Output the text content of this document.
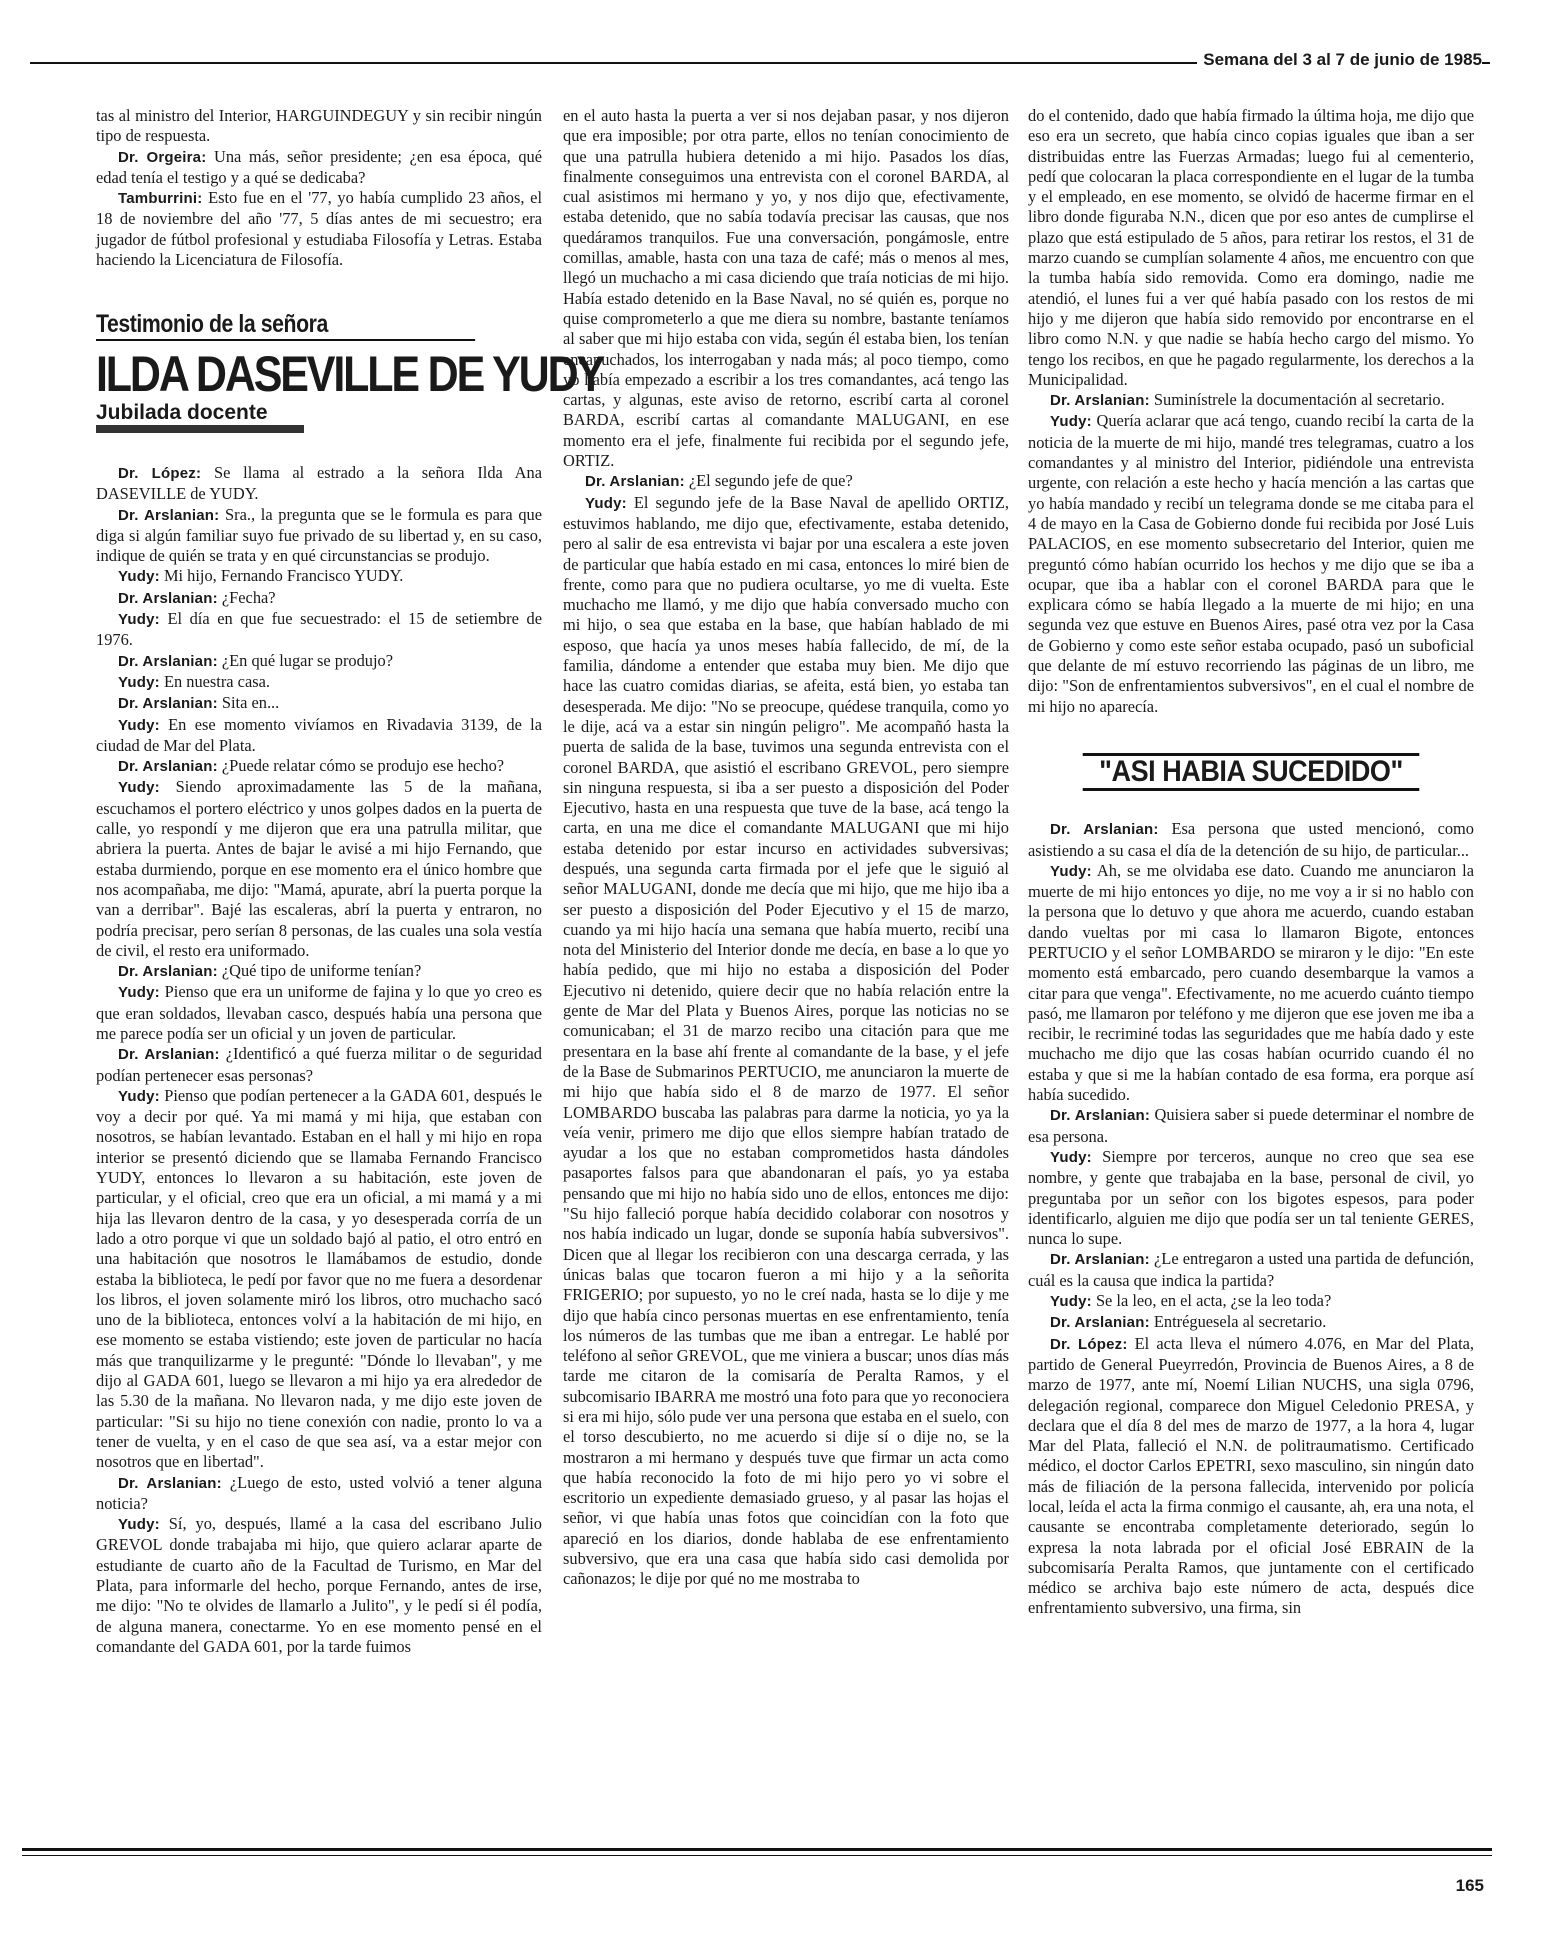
Semana del 3 al 7 de junio de 1985

tas al ministro del Interior, HARGUINDEGUY y sin recibir ningún tipo de respuesta.

Dr. Orgeira: Una más, señor presidente; ¿en esa época, qué edad tenía el testigo y a qué se dedicaba?

Tamburrini: Esto fue en el '77, yo había cumplido 23 años, el 18 de noviembre del año '77, 5 días antes de mi secuestro; era jugador de fútbol profesional y estudiaba Filosofía y Letras. Estaba haciendo la Licenciatura de Filosofía.

Testimonio de la señora
ILDA DASEVILLE DE YUDY
Jubilada docente

Dr. López: Se llama al estrado a la señora Ilda Ana DASEVILLE de YUDY.

Dr. Arslanian: Sra., la pregunta que se le formula es para que diga si algún familiar suyo fue privado de su libertad y, en su caso, indique de quién se trata y en qué circunstancias se produjo.

Yudy: Mi hijo, Fernando Francisco YUDY.

Dr. Arslanian: ¿Fecha?

Yudy: El día en que fue secuestrado: el 15 de setiembre de 1976.

Dr. Arslanian: ¿En qué lugar se produjo?

Yudy: En nuestra casa.

Dr. Arslanian: Sita en...

Yudy: En ese momento vivíamos en Rivadavia 3139, de la ciudad de Mar del Plata.

Dr. Arslanian: ¿Puede relatar cómo se produjo ese hecho?

Yudy: Siendo aproximadamente las 5 de la mañana, escuchamos el portero eléctrico y unos golpes dados en la puerta de calle, yo respondí y me dijeron que era una patrulla militar, que abriera la puerta. Antes de bajar le avisé a mi hijo Fernando, que estaba durmiendo, porque en ese momento era el único hombre que nos acompañaba, me dijo: "Mamá, apurate, abrí la puerta porque la van a derribar". Bajé las escaleras, abrí la puerta y entraron, no podría precisar, pero serían 8 personas, de las cuales una sola vestía de civil, el resto era uniformado.

Dr. Arslanian: ¿Qué tipo de uniforme tenían?

Yudy: Pienso que era un uniforme de fajina y lo que yo creo es que eran soldados, llevaban casco, después había una persona que me parece podía ser un oficial y un joven de particular.

Dr. Arslanian: ¿Identificó a qué fuerza militar o de seguridad podían pertenecer esas personas?

Yudy: Pienso que podían pertenecer a la GADA 601, después le voy a decir por qué. Ya mi mamá y mi hija, que estaban con nosotros, se habían levantado. Estaban en el hall y mi hijo en ropa interior se presentó diciendo que se llamaba Fernando Francisco YUDY, entonces lo llevaron a su habitación, este joven de particular, y el oficial, creo que era un oficial, a mi mamá y a mi hija las llevaron dentro de la casa, y yo desesperada corría de un lado a otro porque vi que un soldado bajó al patio, el otro entró en una habitación que nosotros le llamábamos de estudio, donde estaba la biblioteca, le pedí por favor que no me fuera a desordenar los libros, el joven solamente miró los libros, otro muchacho sacó uno de la biblioteca, entonces volví a la habitación de mi hijo, en ese momento se estaba vistiendo; este joven de particular no hacía más que tranquilizarme y le pregunté: "Dónde lo llevaban", y me dijo al GADA 601, luego se llevaron a mi hijo ya era alrededor de las 5.30 de la mañana. No llevaron nada, y me dijo este joven de particular: "Si su hijo no tiene conexión con nadie, pronto lo va a tener de vuelta, y en el caso de que sea así, va a estar mejor con nosotros que en libertad".

Dr. Arslanian: ¿Luego de esto, usted volvió a tener alguna noticia?

Yudy: Sí, yo, después, llamé a la casa del escribano Julio GREVOL donde trabajaba mi hijo, que quiero aclarar aparte de estudiante de cuarto año de la Facultad de Turismo, en Mar del Plata, para informarle del hecho, porque Fernando, antes de irse, me dijo: "No te olvides de llamarlo a Julito", y le pedí si él podía, de alguna manera, conectarme. Yo en ese momento pensé en el comandante del GADA 601, por la tarde fuimos

en el auto hasta la puerta a ver si nos dejaban pasar, y nos dijeron que era imposible; por otra parte, ellos no tenían conocimiento de que una patrulla hubiera detenido a mi hijo. Pasados los días, finalmente conseguimos una entrevista con el coronel BARDA, al cual asistimos mi hermano y yo, y nos dijo que, efectivamente, estaba detenido, que no sabía todavía precisar las causas, que nos quedáramos tranquilos. Fue una conversación, pongámosle, entre comillas, amable, hasta con una taza de café; más o menos al mes, llegó un muchacho a mi casa diciendo que traía noticias de mi hijo. Había estado detenido en la Base Naval, no sé quién es, porque no quise comprometerlo a que me diera su nombre, bastante teníamos al saber que mi hijo estaba con vida, según él estaba bien, los tenían encapuchados, los interrogaban y nada más; al poco tiempo, como yo había empezado a escribir a los tres comandantes, acá tengo las cartas, y algunas, este aviso de retorno, escribí carta al coronel BARDA, escribí cartas al comandante MALUGANI, en ese momento era el jefe, finalmente fui recibida por el segundo jefe, ORTIZ.

Dr. Arslanian: ¿El segundo jefe de que?

Yudy: El segundo jefe de la Base Naval de apellido ORTIZ, estuvimos hablando, me dijo que, efectivamente, estaba detenido, pero al salir de esa entrevista vi bajar por una escalera a este joven de particular que había estado en mi casa, entonces lo miré bien de frente, como para que no pudiera ocultarse, yo me di vuelta. Este muchacho me llamó, y me dijo que había conversado mucho con mi hijo, o sea que estaba en la base, que habían hablado de mi esposo, que hacía ya unos meses había fallecido, de mí, de la familia, dándome a entender que estaba muy bien. Me dijo que hace las cuatro comidas diarias, se afeita, está bien, yo estaba tan desesperada. Me dijo: "No se preocupe, quédese tranquila, como yo le dije, acá va a estar sin ningún peligro". Me acompañó hasta la puerta de salida de la base, tuvimos una segunda entrevista con el coronel BARDA, que asistió el escribano GREVOL, pero siempre sin ninguna respuesta, si iba a ser puesto a disposición del Poder Ejecutivo, hasta en una respuesta que tuve de la base, acá tengo la carta, en una me dice el comandante MALUGANI que mi hijo estaba detenido por estar incurso en actividades subversivas; después, una segunda carta firmada por el jefe que le siguió al señor MALUGANI, donde me decía que mi hijo, que me hijo iba a ser puesto a disposición del Poder Ejecutivo y el 15 de marzo, cuando ya mi hijo hacía una semana que había muerto, recibí una nota del Ministerio del Interior donde me decía, en base a lo que yo había pedido, que mi hijo no estaba a disposición del Poder Ejecutivo ni detenido, quiere decir que no había relación entre la gente de Mar del Plata y Buenos Aires, porque las noticias no se comunicaban; el 31 de marzo recibo una citación para que me presentara en la base ahí frente al comandante de la base, y el jefe de la Base de Submarinos PERTUCIO, me anunciaron la muerte de mi hijo que había sido el 8 de marzo de 1977. El señor LOMBARDO buscaba las palabras para darme la noticia, yo ya la veía venir, primero me dijo que ellos siempre habían tratado de ayudar a los que no estaban comprometidos hasta dándoles pasaportes falsos para que abandonaran el país, yo ya estaba pensando que mi hijo no había sido uno de ellos, entonces me dijo: "Su hijo falleció porque había decidido colaborar con nosotros y nos había indicado un lugar, donde se suponía había subversivos". Dicen que al llegar los recibieron con una descarga cerrada, y las únicas balas que tocaron fueron a mi hijo y a la señorita FRIGERIO; por supuesto, yo no le creí nada, hasta se lo dije y me dijo que había cinco personas muertas en ese enfrentamiento, tenía los números de las tumbas que me iban a entregar. Le hablé por teléfono al señor GREVOL, que me viniera a buscar; unos días más tarde me citaron de la comisaría de Peralta Ramos, y el subcomisario IBARRA me mostró una foto para que yo reconociera si era mi hijo, sólo pude ver una persona que estaba en el suelo, con el torso descubierto, no me acuerdo si dije sí o dije no, se la mostraron a mi hermano y después tuve que firmar un acta como que había reconocido la foto de mi hijo pero yo vi sobre el escritorio un expediente demasiado grueso, y al pasar las hojas el señor, vi que había unas fotos que coincidían con la foto que apareció en los diarios, donde hablaba de ese enfrentamiento subversivo, que era una casa que había sido casi demolida por cañonazos; le dije por qué no me mostraba to

do el contenido, dado que había firmado la última hoja, me dijo que eso era un secreto, que había cinco copias iguales que iban a ser distribuidas entre las Fuerzas Armadas; luego fui al cementerio, pedí que colocaran la placa correspondiente en el lugar de la tumba y el empleado, en ese momento, se olvidó de hacerme firmar en el libro donde figuraba N.N., dicen que por eso antes de cumplirse el plazo que está estipulado de 5 años, para retirar los restos, el 31 de marzo cuando se cumplían solamente 4 años, me encuentro con que la tumba había sido removida. Como era domingo, nadie me atendió, el lunes fui a ver qué había pasado con los restos de mi hijo y me dijeron que había sido removido por encontrarse en el libro como N.N. y que nadie se había hecho cargo del mismo. Yo tengo los recibos, en que he pagado regularmente, los derechos a la Municipalidad.

Dr. Arslanian: Suminístrele la documentación al secretario.

Yudy: Quería aclarar que acá tengo, cuando recibí la carta de la noticia de la muerte de mi hijo, mandé tres telegramas, cuatro a los comandantes y al ministro del Interior, pidiéndole una entrevista urgente, con relación a este hecho y hacía mención a las cartas que yo había mandado y recibí un telegrama donde se me citaba para el 4 de mayo en la Casa de Gobierno donde fui recibida por José Luis PALACIOS, en ese momento subsecretario del Interior, quien me preguntó cómo habían ocurrido los hechos y me dijo que se iba a ocupar, que iba a hablar con el coronel BARDA para que le explicara cómo se había llegado a la muerte de mi hijo; en una segunda vez que estuve en Buenos Aires, pasé otra vez por la Casa de Gobierno y como este señor estaba ocupado, pasó un suboficial que delante de mí estuvo recorriendo las páginas de un libro, me dijo: "Son de enfrentamientos subversivos", en el cual el nombre de mi hijo no aparecía.

"ASI HABIA SUCEDIDO"

Dr. Arslanian: Esa persona que usted mencionó, como asistiendo a su casa el día de la detención de su hijo, de particular...

Yudy: Ah, se me olvidaba ese dato. Cuando me anunciaron la muerte de mi hijo entonces yo dije, no me voy a ir si no hablo con la persona que lo detuvo y que ahora me acuerdo, cuando estaban dando vueltas por mi casa lo llamaron Bigote, entonces PERTUCIO y el señor LOMBARDO se miraron y le dijo: "En este momento está embarcado, pero cuando desembarque la vamos a citar para que venga". Efectivamente, no me acuerdo cuánto tiempo pasó, me llamaron por teléfono y me dijeron que ese joven me iba a recibir, le recriminé todas las seguridades que me había dado y este muchacho me dijo que las cosas habían ocurrido cuando él no estaba y que si me la habían contado de esa forma, era porque así había sucedido.

Dr. Arslanian: Quisiera saber si puede determinar el nombre de esa persona.

Yudy: Siempre por terceros, aunque no creo que sea ese nombre, y gente que trabajaba en la base, personal de civil, yo preguntaba por un señor con los bigotes espesos, para poder identificarlo, alguien me dijo que podía ser un tal teniente GERES, nunca lo supe.

Dr. Arslanian: ¿Le entregaron a usted una partida de defunción, cuál es la causa que indica la partida?

Yudy: Se la leo, en el acta, ¿se la leo toda?

Dr. Arslanian: Entréguesela al secretario.

Dr. López: El acta lleva el número 4.076, en Mar del Plata, partido de General Pueyrredón, Provincia de Buenos Aires, a 8 de marzo de 1977, ante mí, Noemí Lilian NUCHS, una sigla 0796, delegación regional, comparece don Miguel Celedonio PRESA, y declara que el día 8 del mes de marzo de 1977, a la hora 4, lugar Mar del Plata, falleció el N.N. de politraumatismo. Certificado médico, el doctor Carlos EPETRI, sexo masculino, sin ningún dato más de filiación de la persona fallecida, intervenido por policía local, leída el acta la firma conmigo el causante, ah, era una nota, el causante se encontraba completamente deteriorado, según lo expresa la nota labrada por el oficial José EBRAIN de la subcomisaría Peralta Ramos, que juntamente con el certificado médico se archiva bajo este número de acta, después dice enfrentamiento subversivo, una firma, sin

165
